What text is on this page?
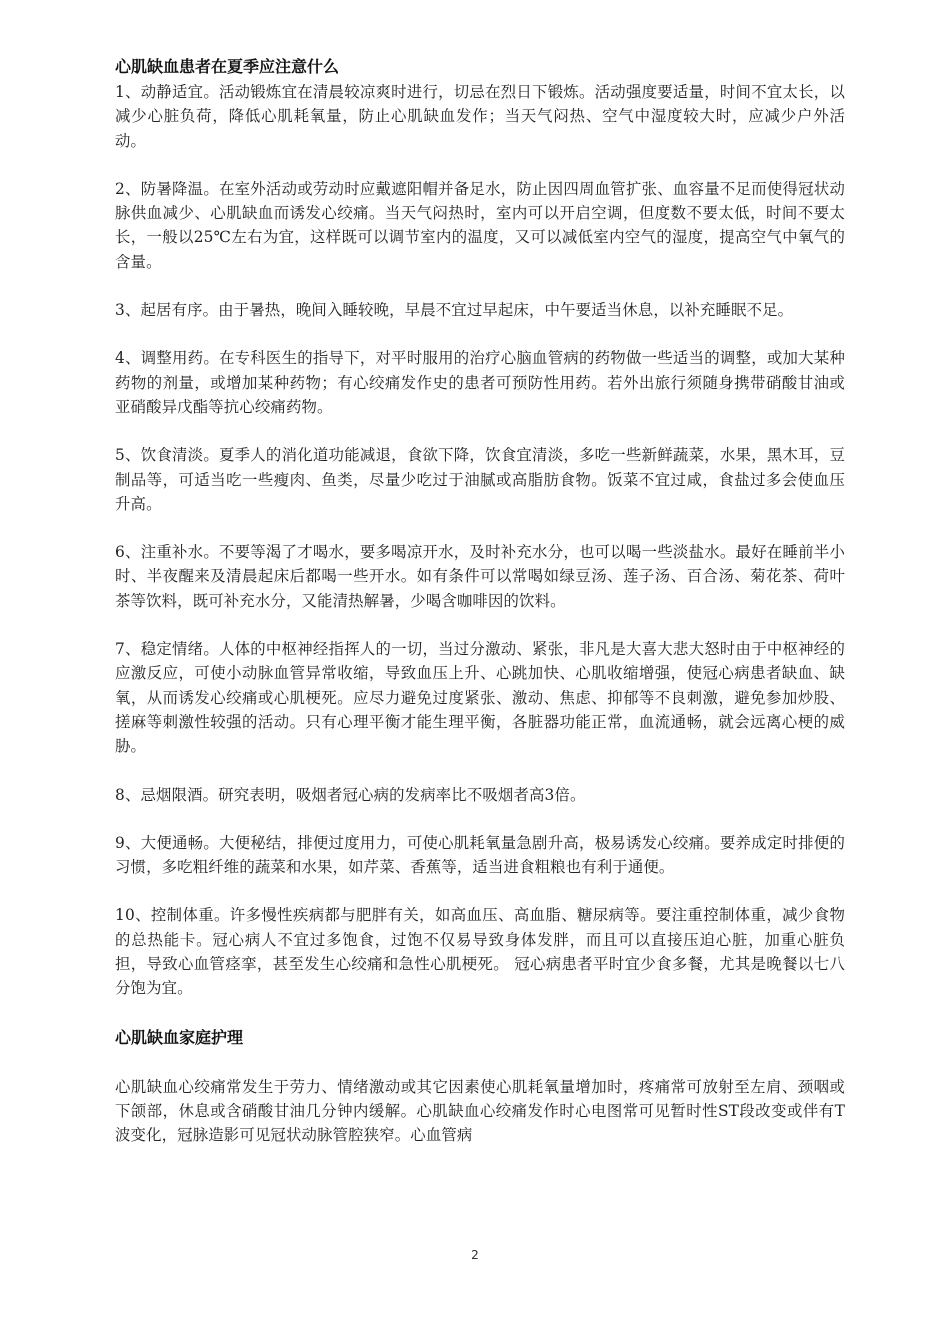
心肌缺血患者在夏季应注意什么

1、动静适宜。活动锻炼宜在清晨较凉爽时进行，切忌在烈日下锻炼。活动强度要适量，时间不宜太长，以减少心脏负荷，降低心肌耗氧量，防止心肌缺血发作；当天气闷热、空气中湿度较大时，应减少户外活动。

2、防暑降温。在室外活动或劳动时应戴遮阳帽并备足水，防止因四周血管扩张、血容量不足而使得冠状动脉供血减少、心肌缺血而诱发心绞痛。当天气闷热时，室内可以开启空调，但度数不要太低，时间不要太长，一般以25℃左右为宜，这样既可以调节室内的温度，又可以减低室内空气的湿度，提高空气中氧气的含量。

3、起居有序。由于暑热，晚间入睡较晚，早晨不宜过早起床，中午要适当休息，以补充睡眠不足。

4、调整用药。在专科医生的指导下，对平时服用的治疗心脑血管病的药物做一些适当的调整，或加大某种药物的剂量，或增加某种药物；有心绞痛发作史的患者可预防性用药。若外出旅行须随身携带硝酸甘油或亚硝酸异戊酯等抗心绞痛药物。

5、饮食清淡。夏季人的消化道功能减退，食欲下降，饮食宜清淡，多吃一些新鲜蔬菜，水果，黑木耳，豆制品等，可适当吃一些瘦肉、鱼类，尽量少吃过于油腻或高脂肪食物。饭菜不宜过咸，食盐过多会使血压升高。

6、注重补水。不要等渴了才喝水，要多喝凉开水，及时补充水分，也可以喝一些淡盐水。最好在睡前半小时、半夜醒来及清晨起床后都喝一些开水。如有条件可以常喝如绿豆汤、莲子汤、百合汤、菊花茶、荷叶茶等饮料，既可补充水分，又能清热解暑，少喝含咖啡因的饮料。

7、稳定情绪。人体的中枢神经指挥人的一切，当过分激动、紧张，非凡是大喜大悲大怒时由于中枢神经的应激反应，可使小动脉血管异常收缩，导致血压上升、心跳加快、心肌收缩增强，使冠心病患者缺血、缺氧，从而诱发心绞痛或心肌梗死。应尽力避免过度紧张、激动、焦虑、抑郁等不良刺激，避免参加炒股、搓麻等刺激性较强的活动。只有心理平衡才能生理平衡，各脏器功能正常，血流通畅，就会远离心梗的威胁。

8、忌烟限酒。研究表明，吸烟者冠心病的发病率比不吸烟者高3倍。

9、大便通畅。大便秘结，排便过度用力，可使心肌耗氧量急剧升高，极易诱发心绞痛。要养成定时排便的习惯，多吃粗纤维的蔬菜和水果，如芹菜、香蕉等，适当进食粗粮也有利于通便。

10、控制体重。许多慢性疾病都与肥胖有关，如高血压、高血脂、糖尿病等。要注重控制体重，减少食物的总热能卡。冠心病人不宜过多饱食，过饱不仅易导致身体发胖，而且可以直接压迫心脏，加重心脏负担，导致心血管痉挛，甚至发生心绞痛和急性心肌梗死。 冠心病患者平时宜少食多餐，尤其是晚餐以七八分饱为宜。

心肌缺血家庭护理

心肌缺血心绞痛常发生于劳力、情绪激动或其它因素使心肌耗氧量增加时，疼痛常可放射至左肩、颈咽或下颌部，休息或含硝酸甘油几分钟内缓解。心肌缺血心绞痛发作时心电图常可见暂时性ST段改变或伴有T波变化，冠脉造影可见冠状动脉管腔狭窄。心血管病

2
